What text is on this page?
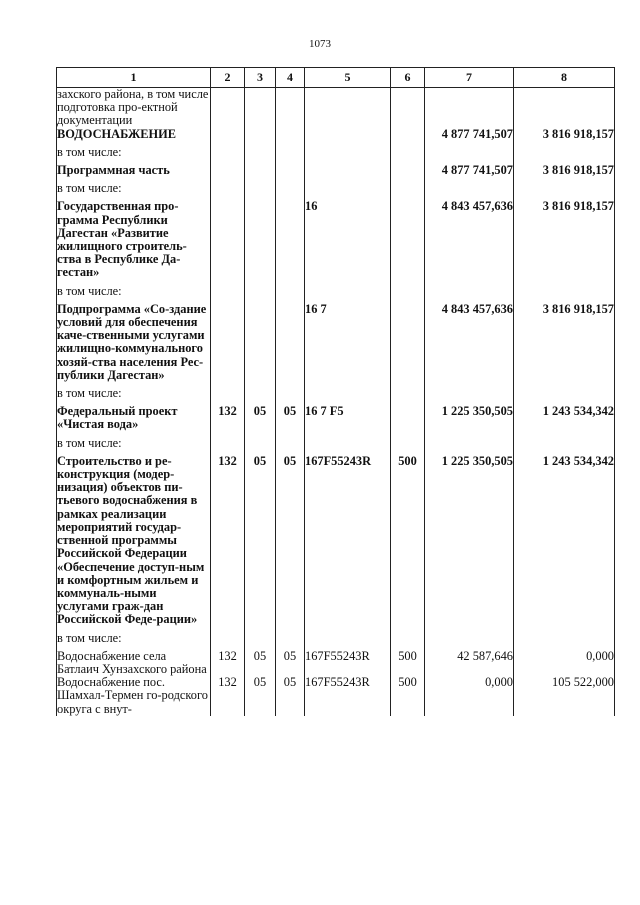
1073
1	2	3	4	5	6	7	8
захского района, в том числе подготовка про-ектной документации							
ВОДОСНАБЖЕНИЕ						4 877 741,507	3 816 918,157
в том числе:							
Программная часть						4 877 741,507	3 816 918,157
в том числе:							
Государственная про-грамма Республики Дагестан «Развитие жилищного строитель-ства в Республике Да-гестан»				16		4 843 457,636	3 816 918,157
в том числе:							
Подпрограмма «Со-здание условий для обеспечения каче-ственными услугами жилищно-коммунального хозяй-ства населения Рес-публики Дагестан»				16 7		4 843 457,636	3 816 918,157
в том числе:							
Федеральный проект «Чистая вода»	132	05	05	16 7 F5		1 225 350,505	1 243 534,342
в том числе:							
Строительство и ре-конструкция (модер-низация) объектов пи-тьевого водоснабжения в рамках реализации мероприятий государ-ственной программы Российской Федерации «Обеспечение доступ-ным и комфортным жильем и коммуналь-ными услугами граж-дан Российской Феде-рации»	132	05	05	167F55243R	500	1 225 350,505	1 243 534,342
в том числе:							
Водоснабжение села Батлаич Хунзахского района	132	05	05	167F55243R	500	42 587,646	0,000
Водоснабжение пос. Шамхал-Термен го-родского округа с внут-	132	05	05	167F55243R	500	0,000	105 522,000
